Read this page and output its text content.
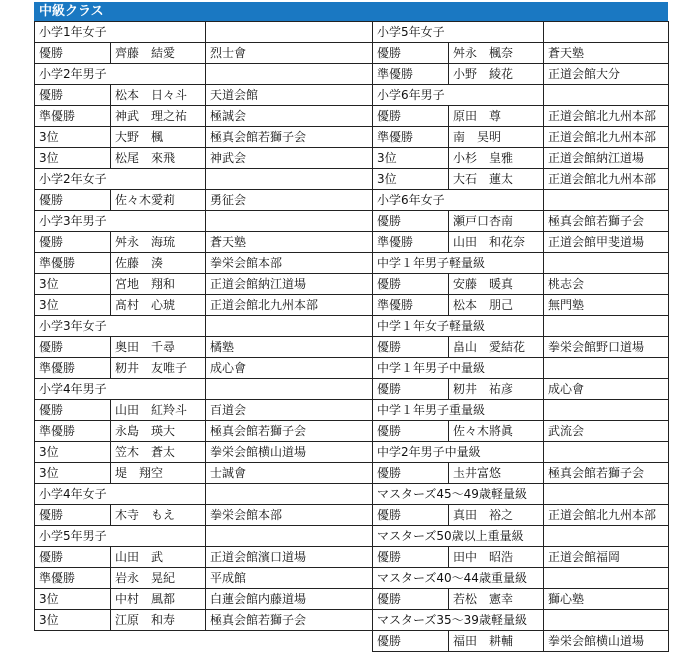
中級クラス
小学1年女子		
優勝	齊藤　結愛	烈士會
小学2年男子		
優勝	松本　日々斗	天道会館
準優勝	神武　理之祐	極誠会
3位	大野　楓	極真会館若獅子会
3位	松尾　來飛	神武会
小学2年女子		
優勝	佐々木愛莉	勇征会
小学3年男子		
優勝	舛永　海琉	蒼天塾
準優勝	佐藤　湊	拳栄会館本部
3位	宮地　翔和	正道会館納江道場
3位	髙村　心琥	正道会館北九州本部
小学3年女子		
優勝	奥田　千尋	橘塾
準優勝	籾井　友唯子	成心會
小学4年男子		
優勝	山田　紅羚斗	百道会
準優勝	永島　瑛大	極真会館若獅子会
3位	笠木　蒼太	拳栄会館横山道場
3位	堤　翔空	士誠會
小学4年女子		
優勝	木寺　もえ	拳栄会館本部
小学5年男子		
優勝	山田　武	正道会館濱口道場
準優勝	岩永　晃紀	平成館
3位	中村　風都	白蓮会館内藤道場
3位	江原　和寿	極真会館若獅子会
小学5年女子		
優勝	舛永　楓奈	蒼天塾
準優勝	小野　綾花	正道会館大分
小学6年男子		
優勝	原田　尊	正道会館北九州本部
準優勝	南　昊明	正道会館北九州本部
3位	小杉　皇雅	正道会館納江道場
3位	大石　蓮太	正道会館北九州本部
小学6年女子		
優勝	瀬戸口杏南	極真会館若獅子会
準優勝	山田　和花奈	正道会館甲斐道場
中学１年男子軽量級		
優勝	安藤　暖真	桃志会
準優勝	松本　朋己	無門塾
中学１年女子軽量級		
優勝	畠山　愛結花	拳栄会館野口道場
中学１年男子中量級		
優勝	籾井　祐彦	成心會
中学１年男子重量級		
優勝	佐々木將眞	武流会
中学2年男子中量級		
優勝	圡井富悠	極真会館若獅子会
マスターズ45～49歳軽量級		
優勝	真田　裕之	正道会館北九州本部
マスターズ50歳以上重量級		
優勝	田中　昭浩	正道会館福岡
マスターズ40～44歳重量級		
優勝	若松　憲幸	獅心塾
マスターズ35～39歳軽量級		
優勝	福田　耕輔	拳栄会館横山道場
